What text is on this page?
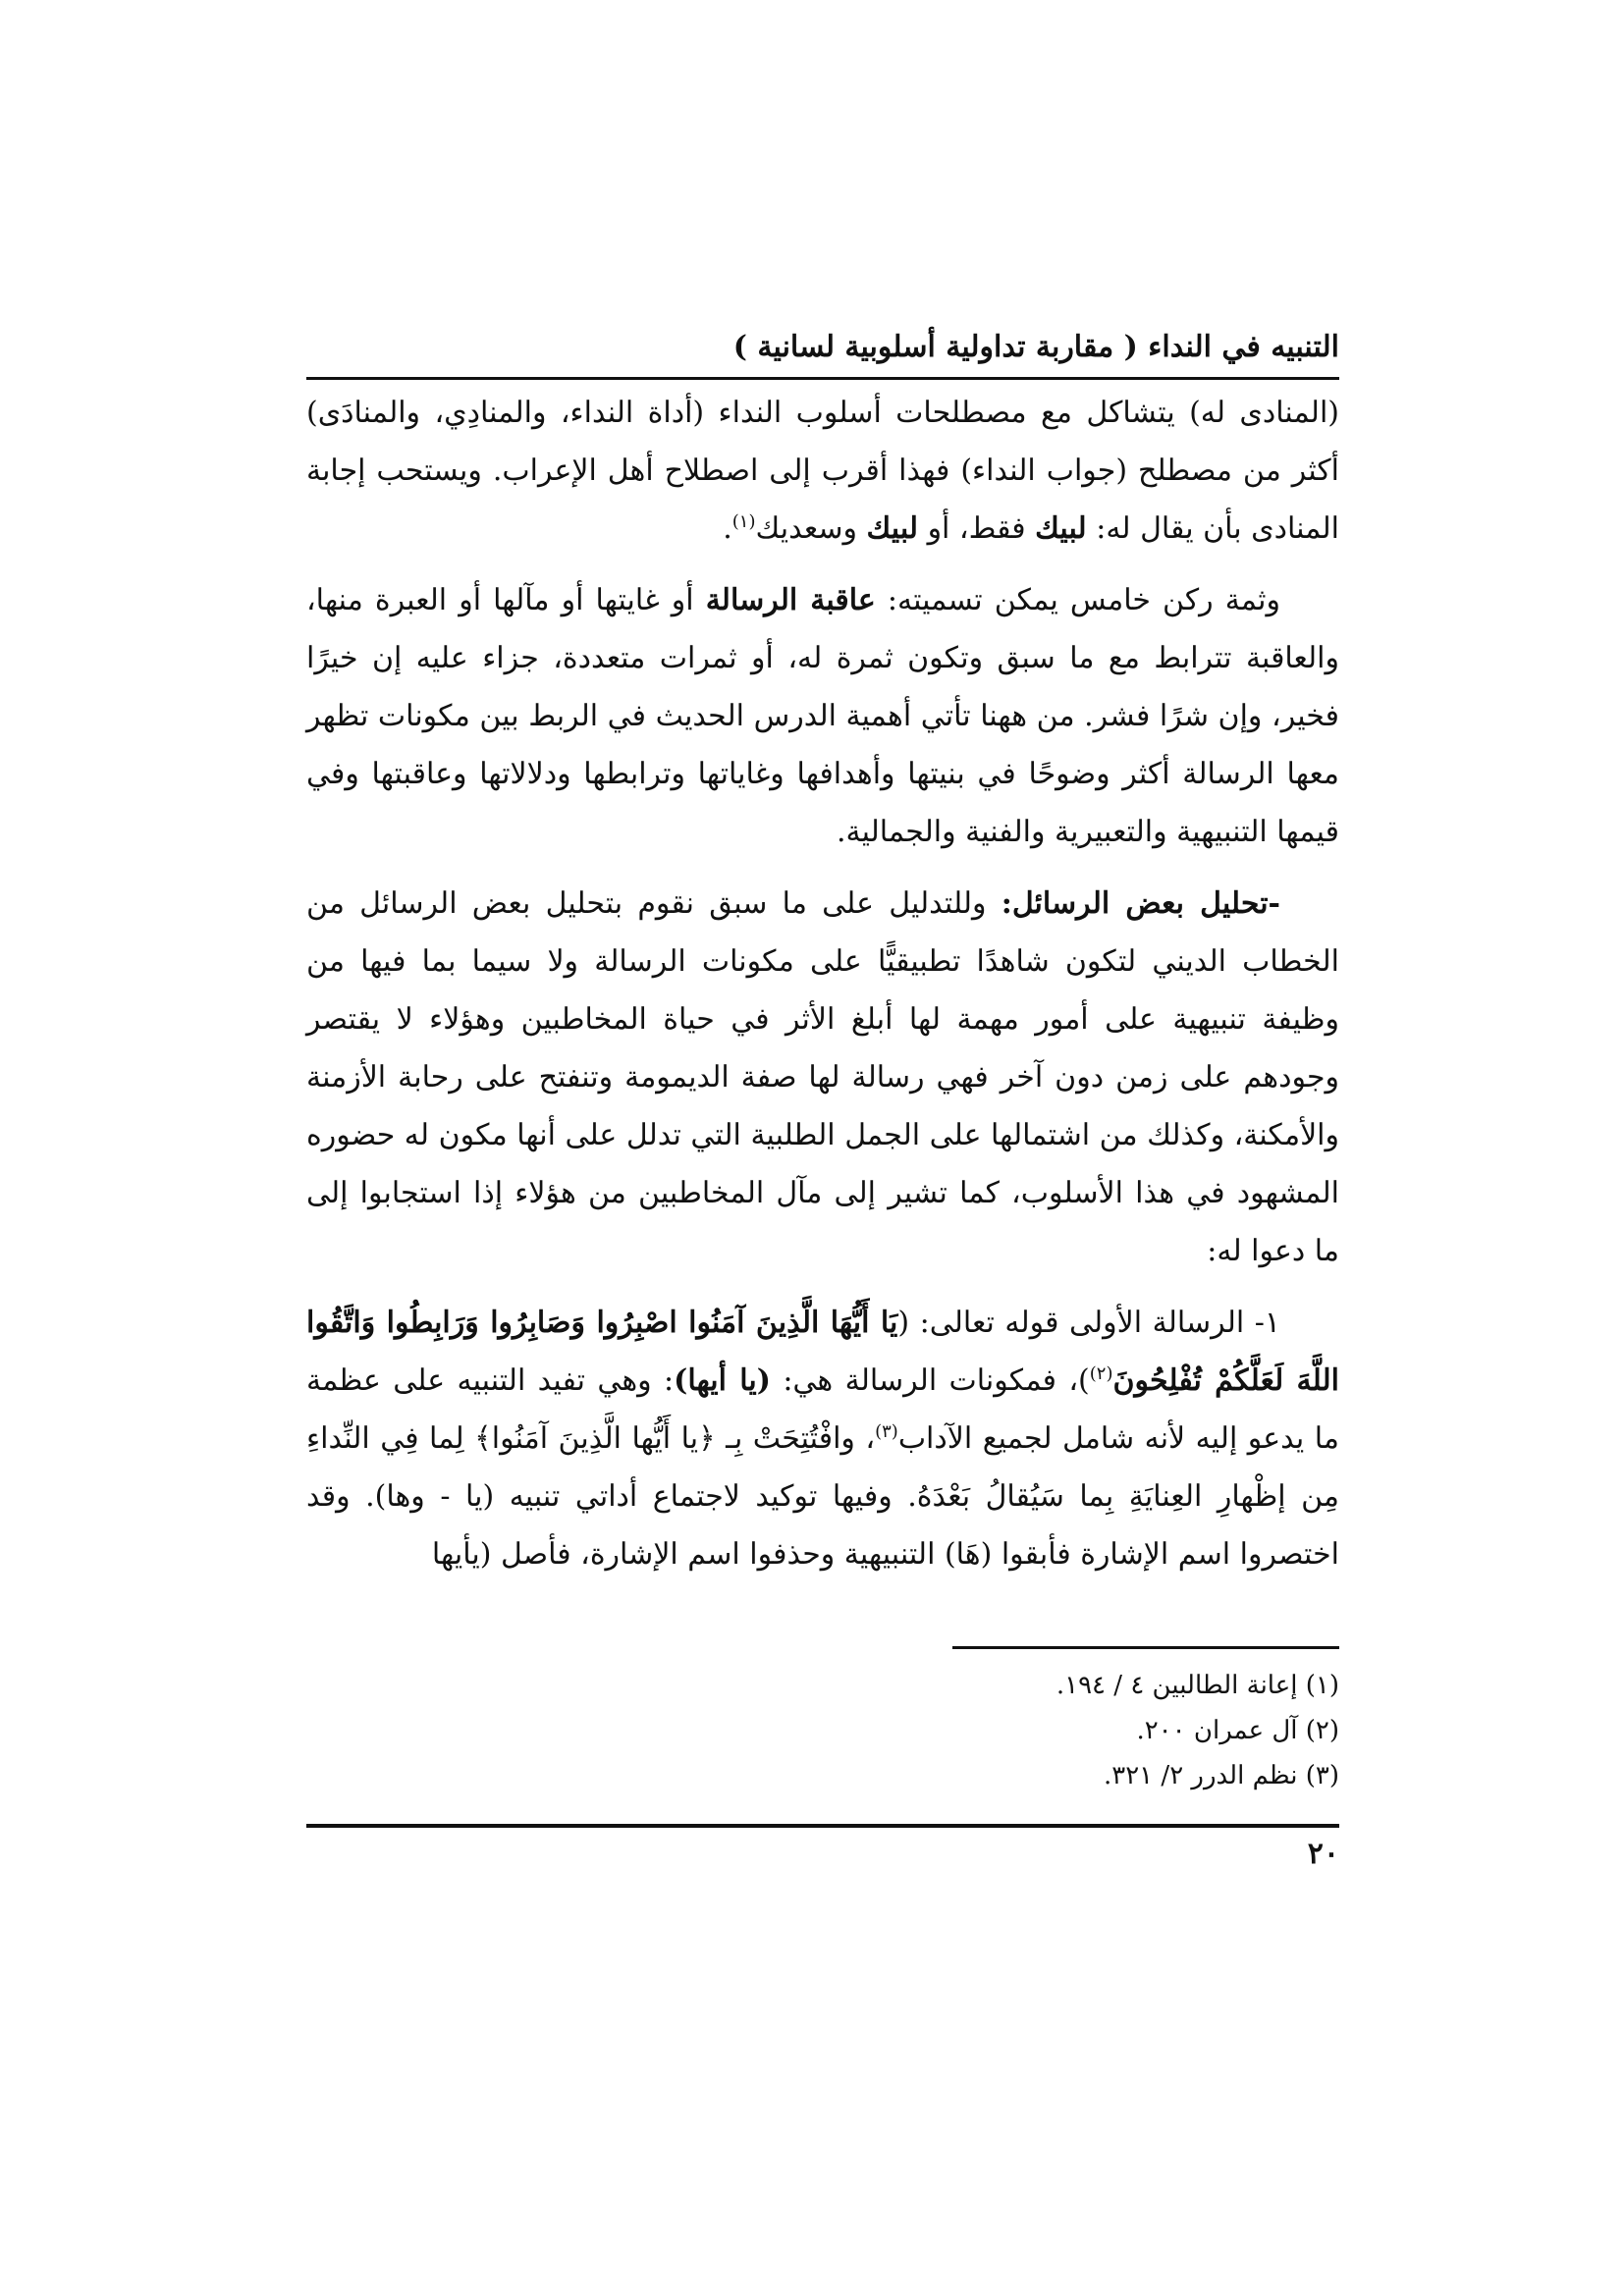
التنبيه في النداء ( مقاربة تداولية أسلوبية لسانية )

(المنادى له) يتشاكل مع مصطلحات أسلوب النداء (أداة النداء، والمنادِي، والمنادَى) أكثر من مصطلح (جواب النداء) فهذا أقرب إلى اصطلاح أهل الإعراب. ويستحب إجابة المنادى بأن يقال له: لبيك فقط، أو لبيك وسعديك$^{(١)}$.

وثمة ركن خامس يمكن تسميته: عاقبة الرسالة أو غايتها أو مآلها أو العبرة منها، والعاقبة تترابط مع ما سبق وتكون ثمرة له، أو ثمرات متعددة، جزاء عليه إن خيرًا فخير، وإن شرًا فشر. من ههنا تأتي أهمية الدرس الحديث في الربط بين مكونات تظهر معها الرسالة أكثر وضوحًا في بنيتها وأهدافها وغاياتها وترابطها ودلالاتها وعاقبتها وفي قيمها التنبيهية والتعبيرية والفنية والجمالية.

-تحليل بعض الرسائل: وللتدليل على ما سبق نقوم بتحليل بعض الرسائل من الخطاب الديني لتكون شاهدًا تطبيقيًّا على مكونات الرسالة ولا سيما بما فيها من وظيفة تنبيهية على أمور مهمة لها أبلغ الأثر في حياة المخاطبين وهؤلاء لا يقتصر وجودهم على زمن دون آخر فهي رسالة لها صفة الديمومة وتنفتح على رحابة الأزمنة والأمكنة، وكذلك من اشتمالها على الجمل الطلبية التي تدلل على أنها مكون له حضوره المشهود في هذا الأسلوب، كما تشير إلى مآل المخاطبين من هؤلاء إذا استجابوا إلى ما دعوا له:

١- الرسالة الأولى قوله تعالى: (يَا أَيُّهَا الَّذِينَ آمَنُوا اصْبِرُوا وَصَابِرُوا وَرَابِطُوا وَاتَّقُوا اللَّهَ لَعَلَّكُمْ تُفْلِحُونَ$^{(٢)}$)، فمكونات الرسالة هي: (يا أيها): وهي تفيد التنبيه على عظمة ما يدعو إليه لأنه شامل لجميع الآداب$^{(٣)}$، وافْتُتِحَتْ بِـ ﴿يا أَيُّها الَّذِينَ آمَنُوا﴾ لِما فِي النِّداءِ مِن إظْهارِ العِنايَةِ بِما سَيُقالُ بَعْدَهُ. وفيها توكيد لاجتماع أداتي تنبيه (يا - وها). وقد اختصروا اسم الإشارة فأبقوا (هَا) التنبيهية وحذفوا اسم الإشارة، فأصل (يأيها

(١) إعانة الطالبين ٤ / ١٩٤.
(٢) آل عمران ٢٠٠.
(٣) نظم الدرر ٢/ ٣٢١.
٢٠
